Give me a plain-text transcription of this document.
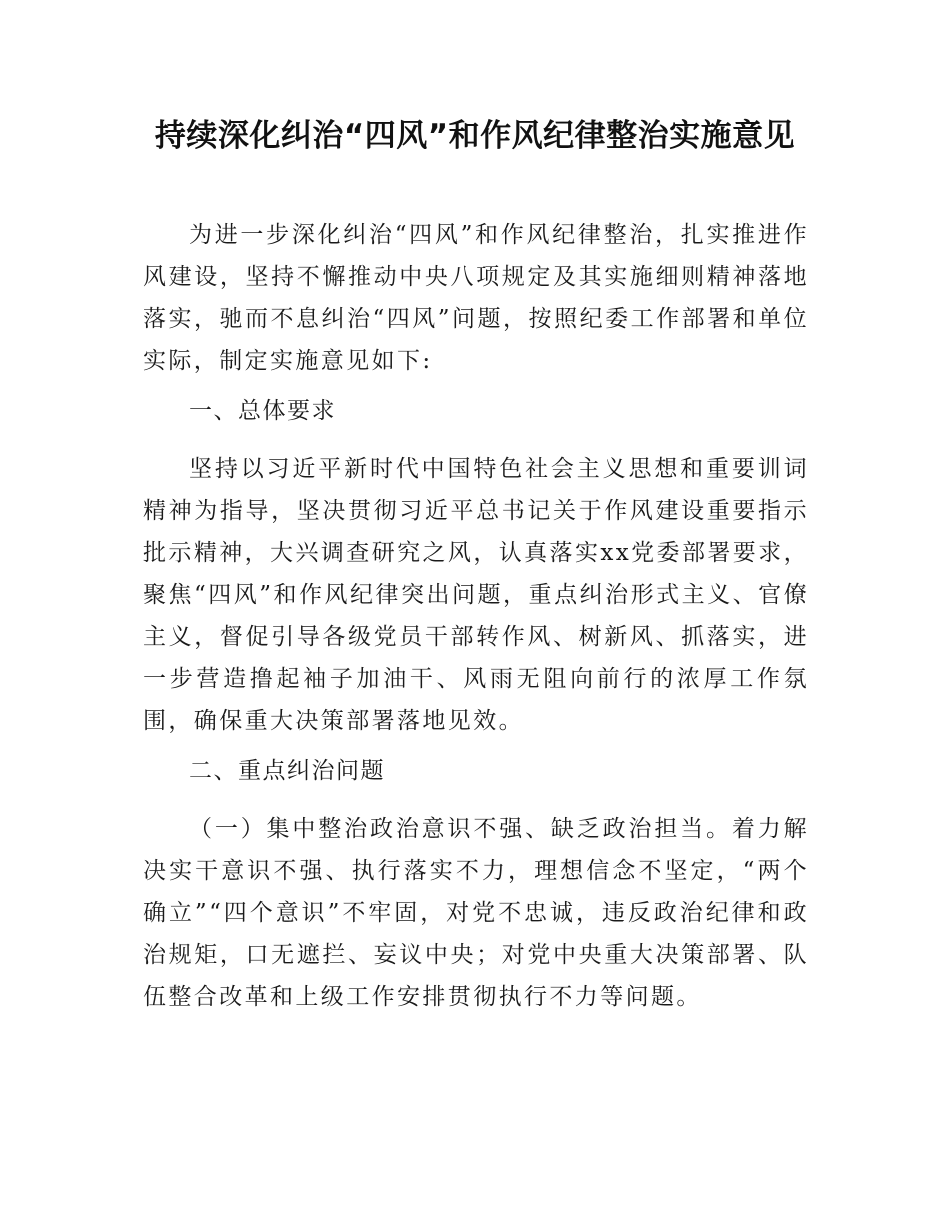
持续深化纠治“四风”和作风纪律整治实施意见

为进一步深化纠治“四风”和作风纪律整治，扎实推进作风建设，坚持不懈推动中央八项规定及其实施细则精神落地落实，驰而不息纠治“四风”问题，按照纪委工作部署和单位实际，制定实施意见如下:

一、总体要求

坚持以习近平新时代中国特色社会主义思想和重要训词精神为指导，坚决贯彻习近平总书记关于作风建设重要指示批示精神，大兴调查研究之风，认真落实xx党委部署要求，聚焦“四风”和作风纪律突出问题，重点纠治形式主义、官僚主义，督促引导各级党员干部转作风、树新风、抓落实，进一步营造撸起袖子加油干、风雨无阻向前行的浓厚工作氛围，确保重大决策部署落地见效。

二、重点纠治问题

（一）集中整治政治意识不强、缺乏政治担当。着力解决实干意识不强、执行落实不力，理想信念不坚定，“两个确立”“四个意识”不牢固，对党不忠诚，违反政治纪律和政治规矩，口无遮拦、妄议中央；对党中央重大决策部署、队伍整合改革和上级工作安排贯彻执行不力等问题。
